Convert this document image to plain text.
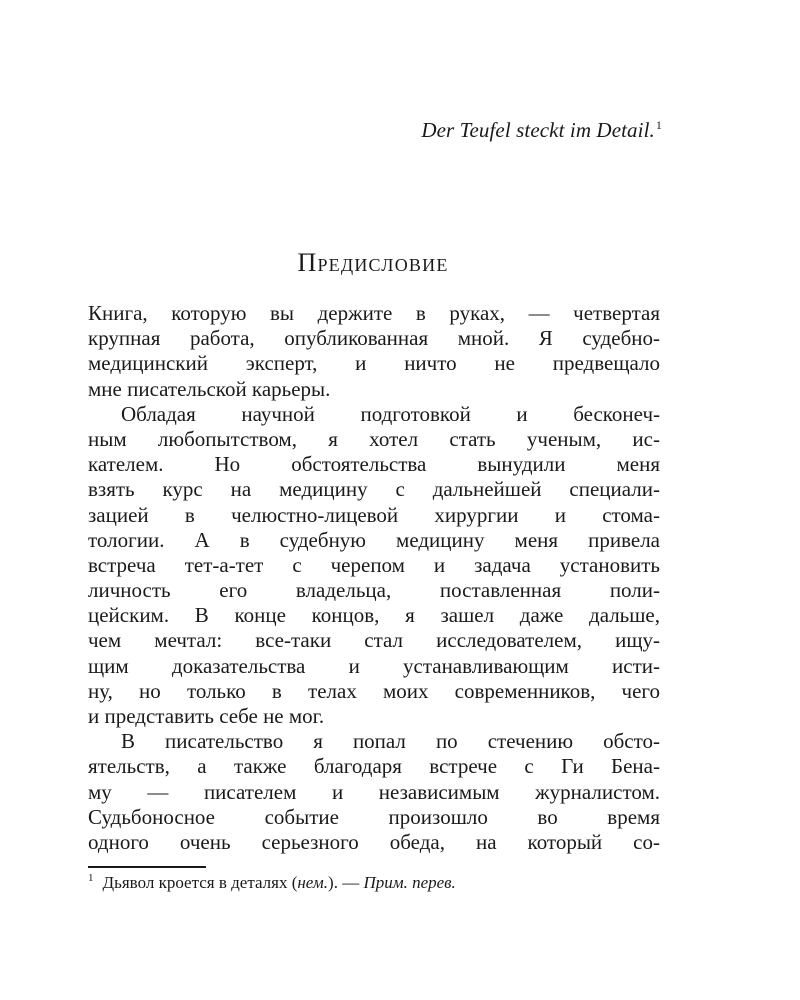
Der Teufel steckt im Detail.$^1$
Предисловие
Книга, которую вы держите в руках, — четвертая
крупная работа, опубликованная мной. Я судебно-
медицинский эксперт, и ничто не предвещало
мне писательской карьеры.
Обладая научной подготовкой и бесконеч-
ным любопытством, я хотел стать ученым, ис-
кателем. Но обстоятельства вынудили меня
взять курс на медицину с дальнейшей специали-
зацией в челюстно-лицевой хирургии и стома-
тологии. А в судебную медицину меня привела
встреча тет-а-тет с черепом и задача установить
личность его владельца, поставленная поли-
цейским. В конце концов, я зашел даже дальше,
чем мечтал: все-таки стал исследователем, ищу-
щим доказательства и устанавливающим исти-
ну, но только в телах моих современников, чего
и представить себе не мог.
В писательство я попал по стечению обсто-
ятельств, а также благодаря встрече с Ги Бена-
му — писателем и независимым журналистом.
Судьбоносное событие произошло во время
одного очень серьезного обеда, на который со-
$^1$ Дьявол кроется в деталях (нем.). — Прим. перев.
